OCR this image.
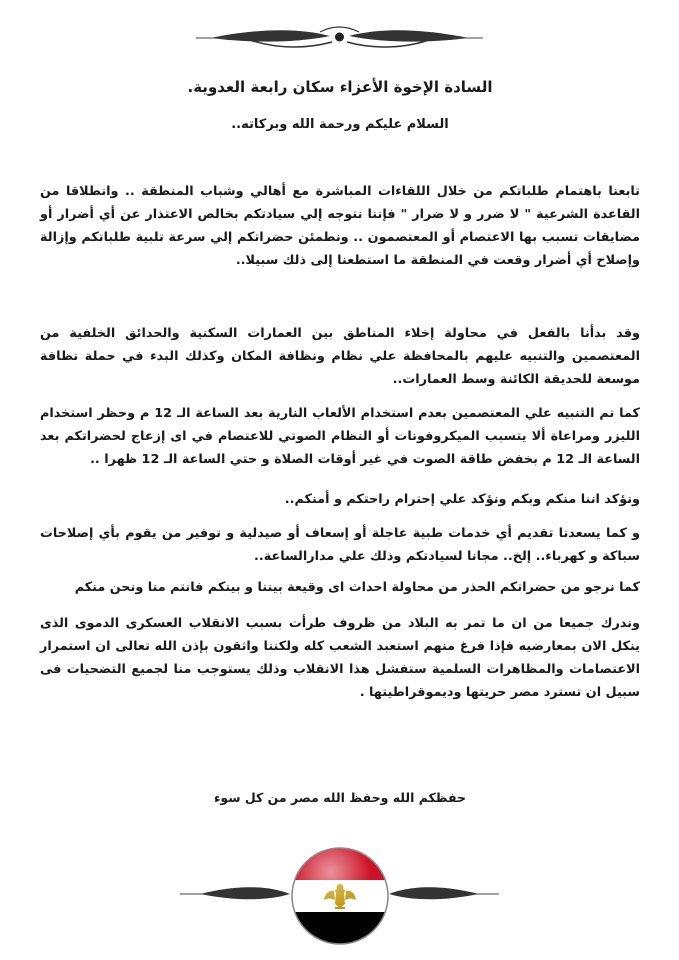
السادة الإخوة الأعزاء سكان رابعة العدوية.
السلام عليكم ورحمة الله وبركاته..
تابعنا باهتمام طلباتكم من خلال اللقاءات المباشرة مع أهالي وشباب المنطقة .. وانطلاقا من القاعدة الشرعية " لا ضرر و لا ضرار " فإننا نتوجه إلي سيادتكم بخالص الاعتذار عن أي أضرار أو مضايقات تسبب بها الاعتصام أو المعتصمون .. ونطمئن حضراتكم إلي سرعة تلبية طلباتكم وإزالة وإصلاح أي أضرار وقعت في المنطقة ما استطعنا إلى ذلك سبيلا..
وقد بدأنا بالفعل في محاولة إخلاء المناطق بين العمارات السكنية والحدائق الخلفية من المعتصمين والتنبيه عليهم بالمحافظة علي نظام ونظافة المكان وكذلك البدء في حملة نظافة موسعة للحديقة الكائنة وسط العمارات..
كما تم التنبيه علي المعتصمين بعدم استخدام الألعاب النارية بعد الساعة الـ 12 م وحظر استخدام الليزر ومراعاة ألا يتسبب الميكروفونات أو النظام الصوتي للاعتصام في اى إزعاج لحضراتكم بعد الساعة الـ 12 م بخفض طاقة الصوت في غير أوقات الصلاة و حتي الساعة الـ 12 ظهرا ..
ونؤكد اننا منكم وبكم ونؤكد علي إحترام راحتكم و أمنكم..
و كما يسعدنا تقديم أي خدمات طبية عاجلة أو إسعاف أو صيدلية و توفير من يقوم بأي إصلاحات سباكة و كهرباء.. إلخ.. مجانا لسيادتكم وذلك علي مدارالساعة..
كما نرجو من حضراتكم الحذر من محاولة احداث اى وقيعة بيننا و بينكم فانتم منا ونحن منكم
وندرك جميعا من ان ما تمر به البلاد من ظروف طرأت بسبب الانقلاب العسكرى الدموى الذى ينكل الان بمعارضيه فإذا فرغ منهم استعبد الشعب كله ولكننا واثقون بإذن الله تعالى ان استمرار الاعتصامات والمظاهرات السلمية ستفشل هذا الانقلاب وذلك يستوجب منا لجميع التضحيات فى سبيل ان تسترد مصر حريتها وديموقراطيتها .
حفظكم الله وحفظ الله مصر من كل سوء
